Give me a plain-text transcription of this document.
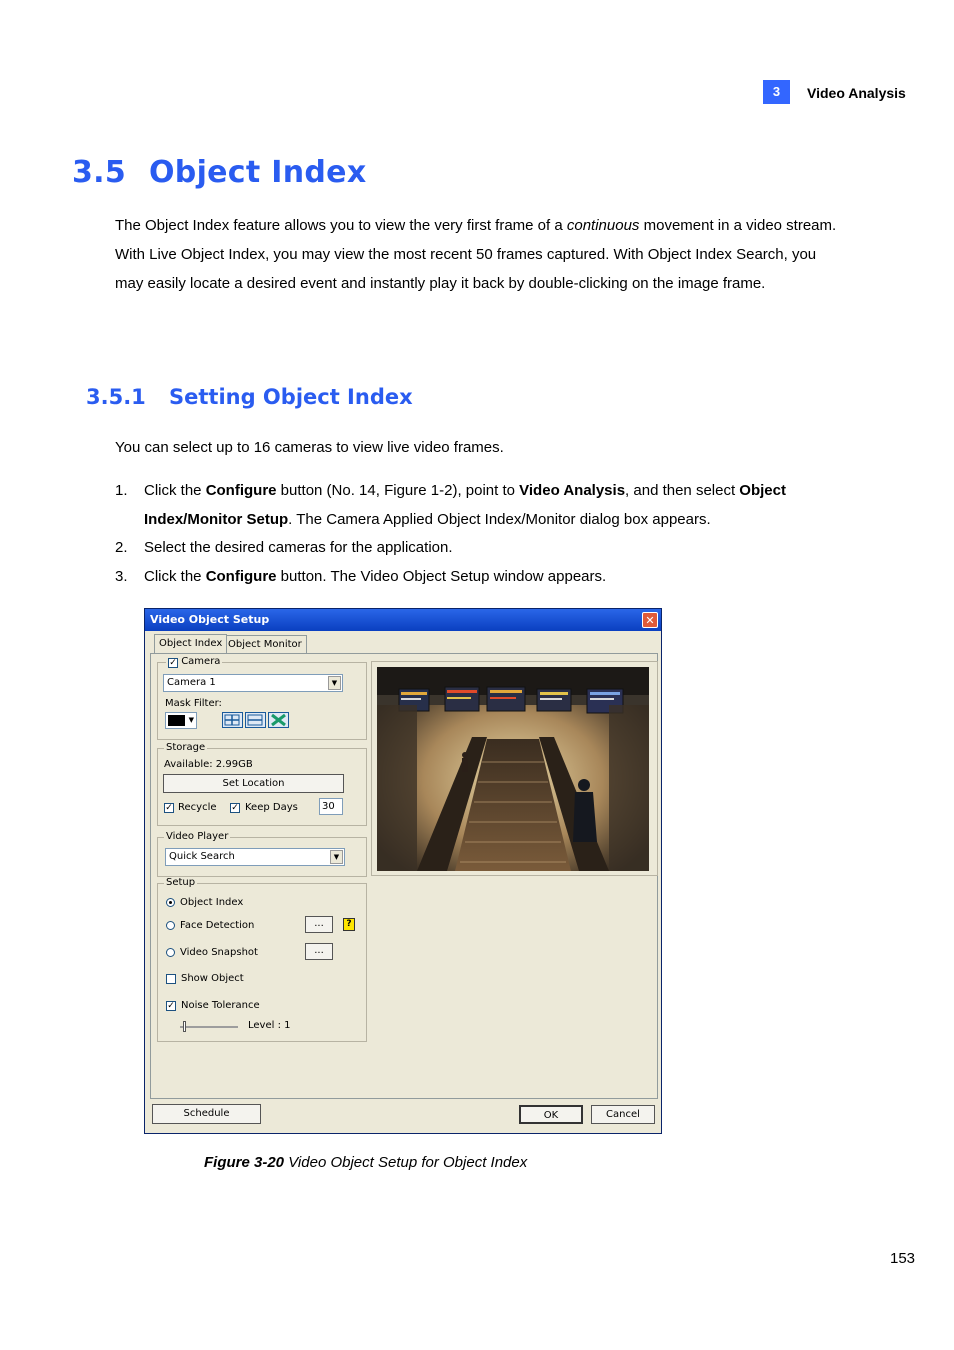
3	Video Analysis
3.5 Object Index
The Object Index feature allows you to view the very first frame of a continuous movement in a video stream. With Live Object Index, you may view the most recent 50 frames captured. With Object Index Search, you may easily locate a desired event and instantly play it back by double-clicking on the image frame.
3.5.1 Setting Object Index
You can select up to 16 cameras to view live video frames.
1. Click the Configure button (No. 14, Figure 1-2), point to Video Analysis, and then select Object Index/Monitor Setup. The Camera Applied Object Index/Monitor dialog box appears.
2. Select the desired cameras for the application.
3. Click the Configure button. The Video Object Setup window appears.
Video Object Setup	✕
Object Index Object Monitor
✓ Camera
Camera 1	▼
Mask Filter:
▼
Storage
Available: 2.99GB
Set Location
✓ Recycle ✓ Keep Days	30
Video Player
Quick Search	▼
Setup
Object Index
Face Detection	...	?
Video Snapshot	...
Show Object
✓ Noise Tolerance
Level : 1
Schedule	OK	Cancel
Figure 3-20 Video Object Setup for Object Index
153
